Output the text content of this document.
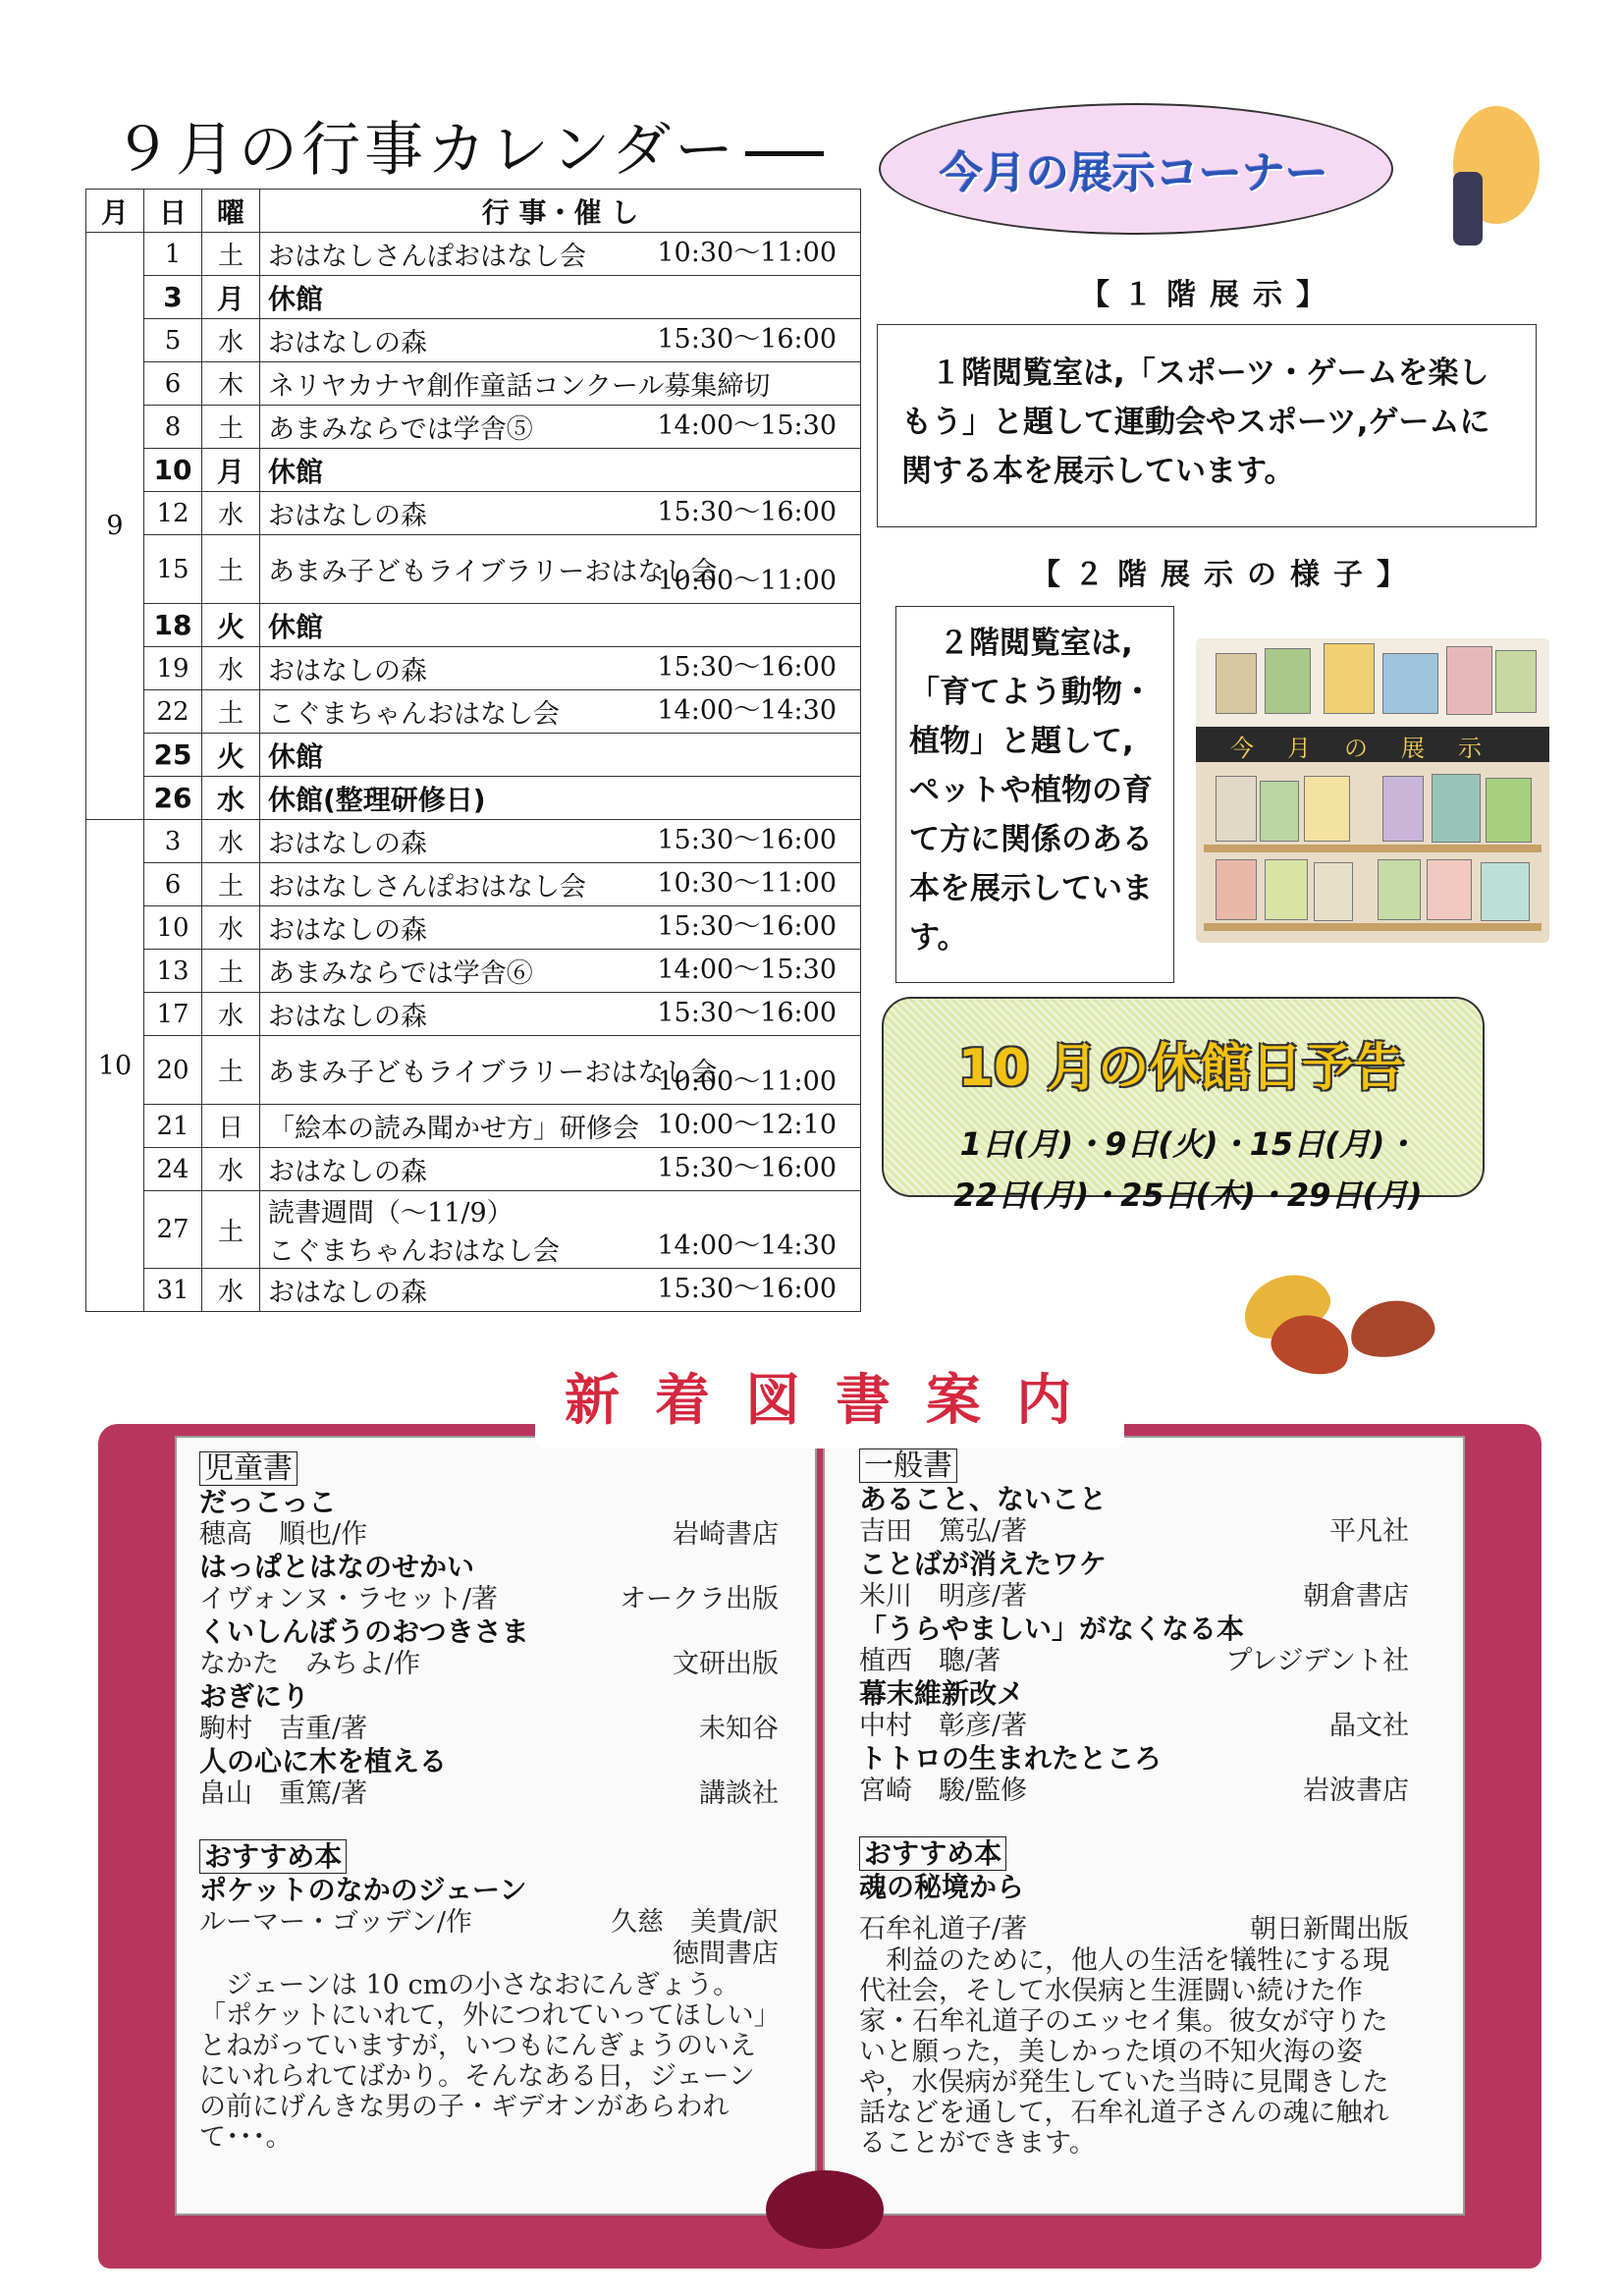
９月の行事カレンダー
月	日	曜	行 事・催 し
9	1	土	おはなしさんぽおはなし会 10:30～11:00

	3	月	休館
	5	水	おはなしの森 15:30～16:00

	6	木	ネリヤカナヤ創作童話コンクール募集締切
	8	土	あまみならでは学舎⑤ 14:00～15:30

	10	月	休館
	12	水	おはなしの森 15:30～16:00

	15	土	あまみ子どもライブラリーおはなし会
10:00～11:00

	18	火	休館
	19	水	おはなしの森 15:30～16:00

	22	土	こぐまちゃんおはなし会 14:00～14:30

	25	火	休館
	26	水	休館(整理研修日)
10	3	水	おはなしの森 15:30～16:00

	6	土	おはなしさんぽおはなし会 10:30～11:00

	10	水	おはなしの森 15:30～16:00

	13	土	あまみならでは学舎⑥ 14:00～15:30

	17	水	おはなしの森 15:30～16:00

	20	土	あまみ子どもライブラリーおはなし会
10:00～11:00

	21	日	「絵本の読み聞かせ方」研修会 10:00～12:10

	24	水	おはなしの森 15:30～16:00

	27	土	読書週間（～11/9）
こぐまちゃんおはなし会 14:00～14:30

	31	水	おはなしの森 15:30～16:00
今月の展示コーナー
【１階展示】
１階閲覧室は,「スポーツ・ゲームを楽しもう」と題して運動会やスポーツ,ゲームに関する本を展示しています。
【２階展示の様子】
２階閲覧室は,「育てよう動物・植物」と題して,ペットや植物の育て方に関係のある本を展示しています。
今月の展示
10 月の休館日予告
1日(月)・9日(火)・15日(月)・
22日(月)・25日(木)・29日(月)
新着図書案内
児童書
だっこっこ
穂高　順也/作	岩崎書店
はっぱとはなのせかい
イヴォンヌ・ラセット/著	オークラ出版
くいしんぼうのおつきさま
なかた　みちよ/作	文研出版
おぎにり
駒村　吉重/著	未知谷
人の心に木を植える
畠山　重篤/著	講談社
おすすめ本
ポケットのなかのジェーン
ルーマー・ゴッデン/作	久慈　美貴/訳
徳間書店
　ジェーンは 10 cmの小さなおにんぎょう。「ポケットにいれて，外につれていってほしい」とねがっていますが，いつもにんぎょうのいえにいれられてばかり。そんなある日，ジェーンの前にげんきな男の子・ギデオンがあらわれて･･･。
一般書
あること、ないこと
吉田　篤弘/著	平凡社
ことばが消えたワケ
米川　明彦/著	朝倉書店
「うらやましい」がなくなる本
植西　聰/著	プレジデント社
幕末維新改メ
中村　彰彦/著	晶文社
トトロの生まれたところ
宮崎　駿/監修	岩波書店
おすすめ本
魂の秘境から
石牟礼道子/著	朝日新聞出版
　利益のために，他人の生活を犠牲にする現代社会，そして水俣病と生涯闘い続けた作家・石牟礼道子のエッセイ集。彼女が守りたいと願った，美しかった頃の不知火海の姿や，水俣病が発生していた当時に見聞きした話などを通して，石牟礼道子さんの魂に触れることができます。
